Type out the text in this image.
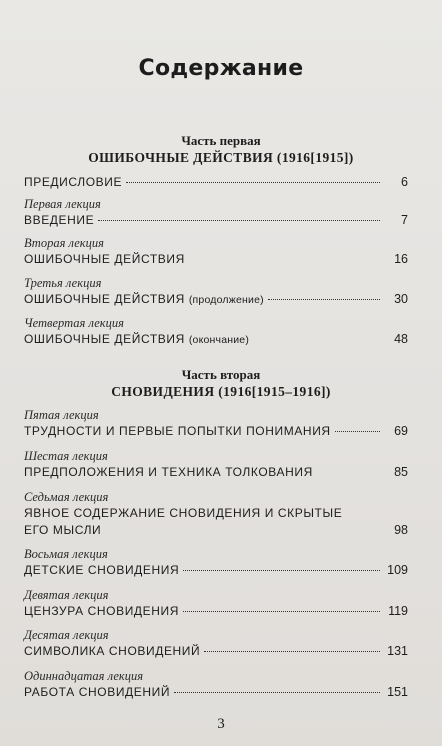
Содержание
Часть первая
ОШИБОЧНЫЕ ДЕЙСТВИЯ (1916[1915])
ПРЕДИСЛОВИЕ	6
Первая лекция
ВВЕДЕНИЕ	7
Вторая лекция
ОШИБОЧНЫЕ ДЕЙСТВИЯ	16
Третья лекция
ОШИБОЧНЫЕ ДЕЙСТВИЯ (продолжение)	30
Четвертая лекция
ОШИБОЧНЫЕ ДЕЙСТВИЯ (окончание)	48
Часть вторая
СНОВИДЕНИЯ (1916[1915–1916])
Пятая лекция
ТРУДНОСТИ И ПЕРВЫЕ ПОПЫТКИ ПОНИМАНИЯ	69
Шестая лекция
ПРЕДПОЛОЖЕНИЯ И ТЕХНИКА ТОЛКОВАНИЯ	85
Седьмая лекция
ЯВНОЕ СОДЕРЖАНИЕ СНОВИДЕНИЯ И СКРЫТЫЕ
ЕГО МЫСЛИ	98
Восьмая лекция
ДЕТСКИЕ СНОВИДЕНИЯ	109
Девятая лекция
ЦЕНЗУРА СНОВИДЕНИЯ	119
Десятая лекция
СИМВОЛИКА СНОВИДЕНИЙ	131
Одиннадцатая лекция
РАБОТА СНОВИДЕНИЙ	151
3
